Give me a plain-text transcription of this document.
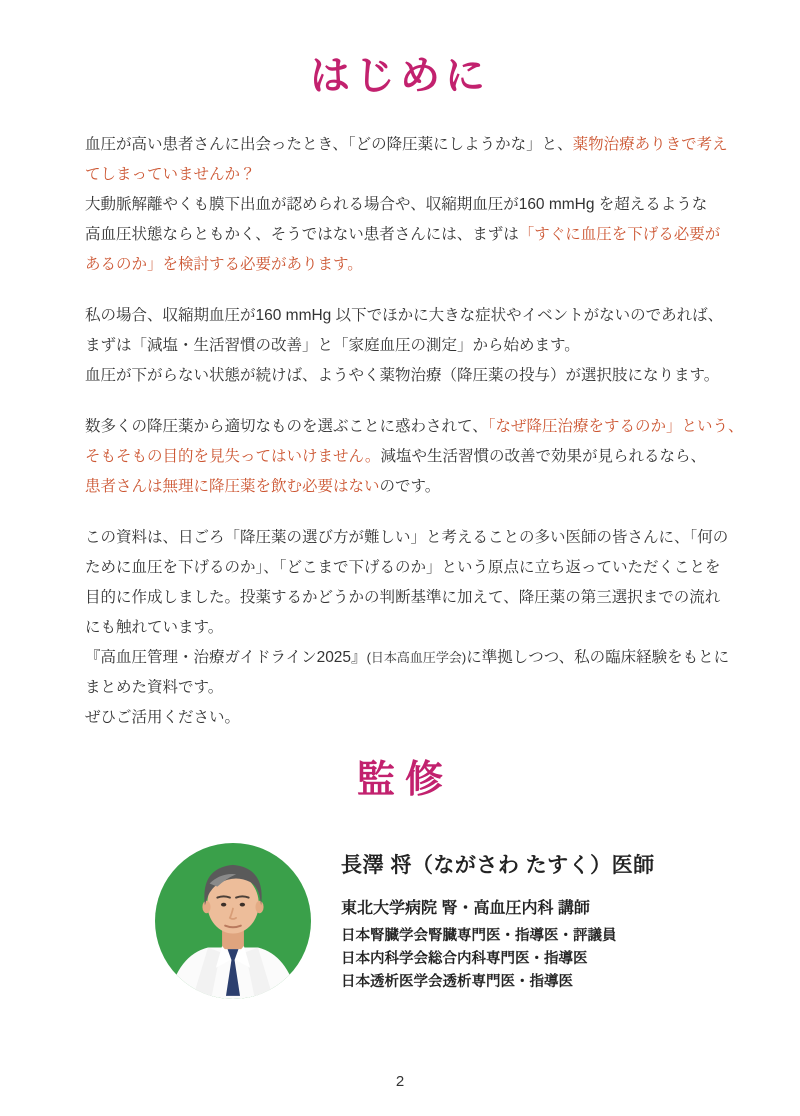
はじめに

血圧が高い患者さんに出会ったとき、「どの降圧薬にしようかな」と、薬物治療ありきで考え
てしまっていませんか？
大動脈解離やくも膜下出血が認められる場合や、収縮期血圧が160 mmHg を超えるような
高血圧状態ならともかく、そうではない患者さんには、まずは「すぐに血圧を下げる必要が
あるのか」を検討する必要があります。

私の場合、収縮期血圧が160 mmHg 以下でほかに大きな症状やイベントがないのであれば、
まずは「減塩・生活習慣の改善」と「家庭血圧の測定」から始めます。
血圧が下がらない状態が続けば、ようやく薬物治療（降圧薬の投与）が選択肢になります。

数多くの降圧薬から適切なものを選ぶことに惑わされて、「なぜ降圧治療をするのか」という、
そもそもの目的を見失ってはいけません。減塩や生活習慣の改善で効果が見られるなら、
患者さんは無理に降圧薬を飲む必要はないのです。

この資料は、日ごろ「降圧薬の選び方が難しい」と考えることの多い医師の皆さんに、「何の
ために血圧を下げるのか」、「どこまで下げるのか」という原点に立ち返っていただくことを
目的に作成しました。投薬するかどうかの判断基準に加えて、降圧薬の第三選択までの流れ
にも触れています。
『高血圧管理・治療ガイドライン2025』(日本高血圧学会)に準拠しつつ、私の臨床経験をもとに
まとめた資料です。
ぜひご活用ください。

監修
長澤 将（ながさわ たすく）医師
東北大学病院 腎・高血圧内科 講師
日本腎臓学会腎臓専門医・指導医・評議員
日本内科学会総合内科専門医・指導医
日本透析医学会透析専門医・指導医
2
